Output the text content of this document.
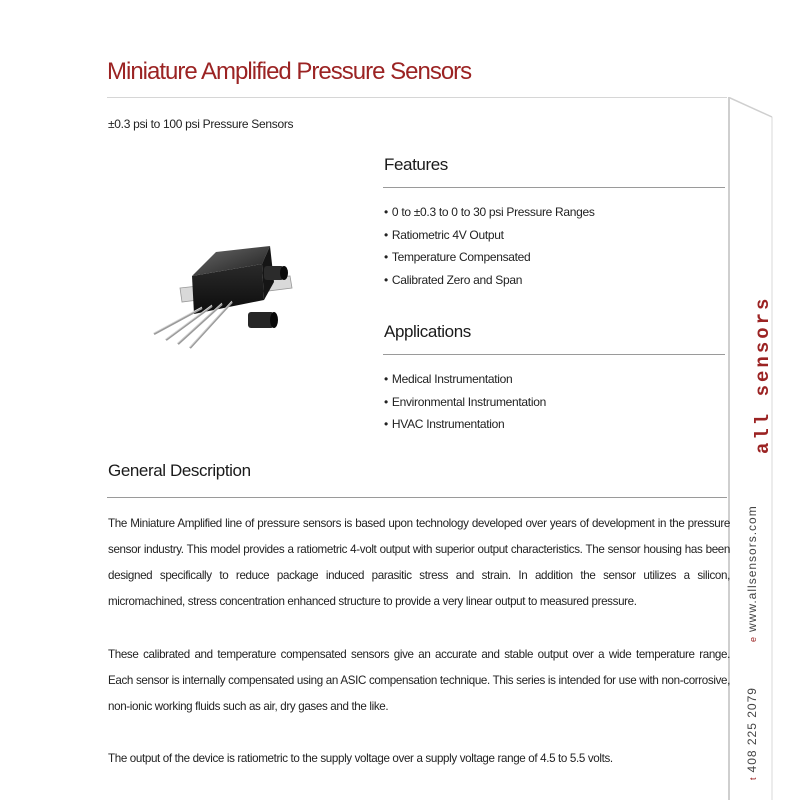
Miniature Amplified Pressure Sensors

±0.3 psi to 100 psi Pressure Sensors

all sensors
ewww.allsensors.com
t408 225 2079
Features
• 0 to ±0.3 to 0 to 30 psi Pressure Ranges
• Ratiometric 4V Output
• Temperature Compensated
• Calibrated Zero and Span
Applications
• Medical Instrumentation
• Environmental Instrumentation
• HVAC Instrumentation
General Description

The Miniature Amplified line of pressure sensors is based upon technology developed over years of development in the pressure sensor industry. This model provides a ratiometric 4-volt output with superior output characteristics. The sensor housing has been designed specifically to reduce package induced parasitic stress and strain. In addition the sensor utilizes a silicon, micromachined, stress concentration enhanced structure to provide a very linear output to measured pressure.

These calibrated and temperature compensated sensors give an accurate and stable output over a wide temperature range. Each sensor is internally compensated using an ASIC compensation technique. This series is intended for use with non-corrosive, non-ionic working fluids such as air, dry gases and the like.

The output of the device is ratiometric to the supply voltage over a supply voltage range of 4.5 to 5.5 volts.
